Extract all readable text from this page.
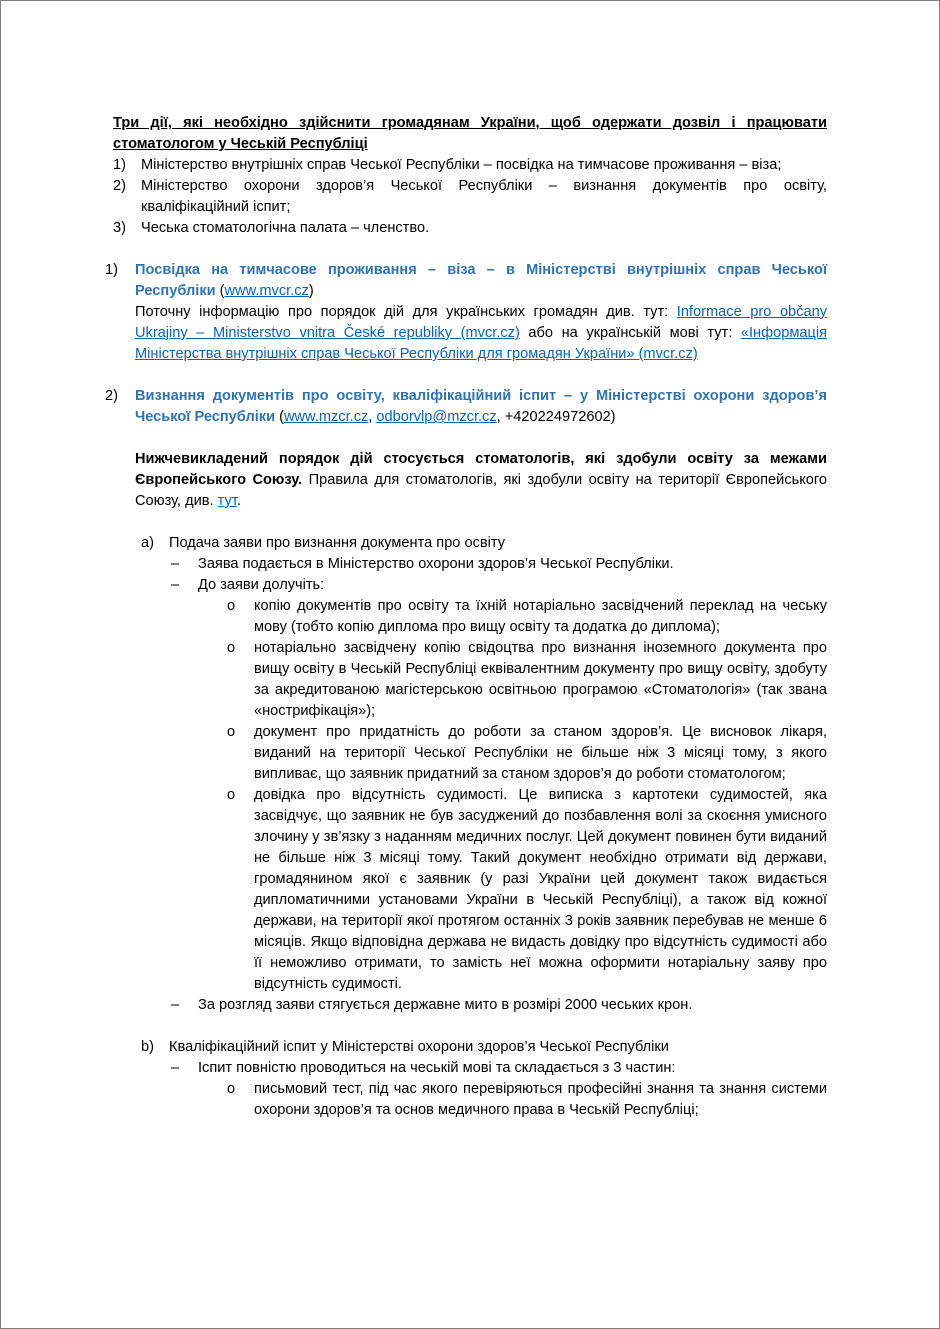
Три дії, які необхідно здійснити громадянам України, щоб одержати дозвіл і працювати стоматологом у Чеській Республіці

1) Міністерство внутрішніх справ Чеської Республіки – посвідка на тимчасове проживання – віза;
2) Міністерство охорони здоров’я Чеської Республіки – визнання документів про освіту, кваліфікаційний іспит;
3) Чеська стоматологічна палата – членство.
1) Посвідка на тимчасове проживання – віза – в Міністерстві внутрішніх справ Чеської Республіки (www.mvcr.cz)

Поточну інформацію про порядок дій для українських громадян див. тут: Informace pro občany Ukrajiny – Ministerstvo vnitra České republiky (mvcr.cz) або на українській мові тут: «Інформація Міністерства внутрішніх справ Чеської Республіки для громадян України» (mvcr.cz)

2) Визнання документів про освіту, кваліфікаційний іспит – у Міністерстві охорони здоров’я Чеської Республіки (www.mzcr.cz, odborvlp@mzcr.cz, +420224972602)

Нижчевикладений порядок дій стосується стоматологів, які здобули освіту за межами Європейського Союзу. Правила для стоматологів, які здобули освіту на території Європейського Союзу, див. тут.

a) Подача заяви про визнання документа про освіту

– Заява подається в Міністерство охорони здоров’я Чеської Республіки.

– До заяви долучіть:

o копію документів про освіту та їхній нотаріально засвідчений переклад на чеську мову (тобто копію диплома про вищу освіту та додатка до диплома);

o нотаріально засвідчену копію свідоцтва про визнання іноземного документа про вищу освіту в Чеській Республіці еквівалентним документу про вищу освіту, здобуту за акредитованою магістерською освітньою програмою «Стоматологія» (так звана «нострифікація»);

o документ про придатність до роботи за станом здоров’я. Це висновок лікаря, виданий на території Чеської Республіки не більше ніж 3 місяці тому, з якого випливає, що заявник придатний за станом здоров’я до роботи стоматологом;

o довідка про відсутність судимості. Це виписка з картотеки судимостей, яка засвідчує, що заявник не був засуджений до позбавлення волі за скоєння умисного злочину у зв’язку з наданням медичних послуг. Цей документ повинен бути виданий не більше ніж 3 місяці тому. Такий документ необхідно отримати від держави, громадянином якої є заявник (у разі України цей документ також видається дипломатичними установами України в Чеській Республіці), а також від кожної держави, на території якої протягом останніх 3 років заявник перебував не менше 6 місяців. Якщо відповідна держава не видасть довідку про відсутність судимості або її неможливо отримати, то замість неї можна оформити нотаріальну заяву про відсутність судимості.

– За розгляд заяви стягується державне мито в розмірі 2000 чеських крон.

b) Кваліфікаційний іспит у Міністерстві охорони здоров’я Чеської Республіки

– Іспит повністю проводиться на чеській мові та складається з 3 частин:

o письмовий тест, під час якого перевіряються професійні знання та знання системи охорони здоров’я та основ медичного права в Чеській Республіці;
